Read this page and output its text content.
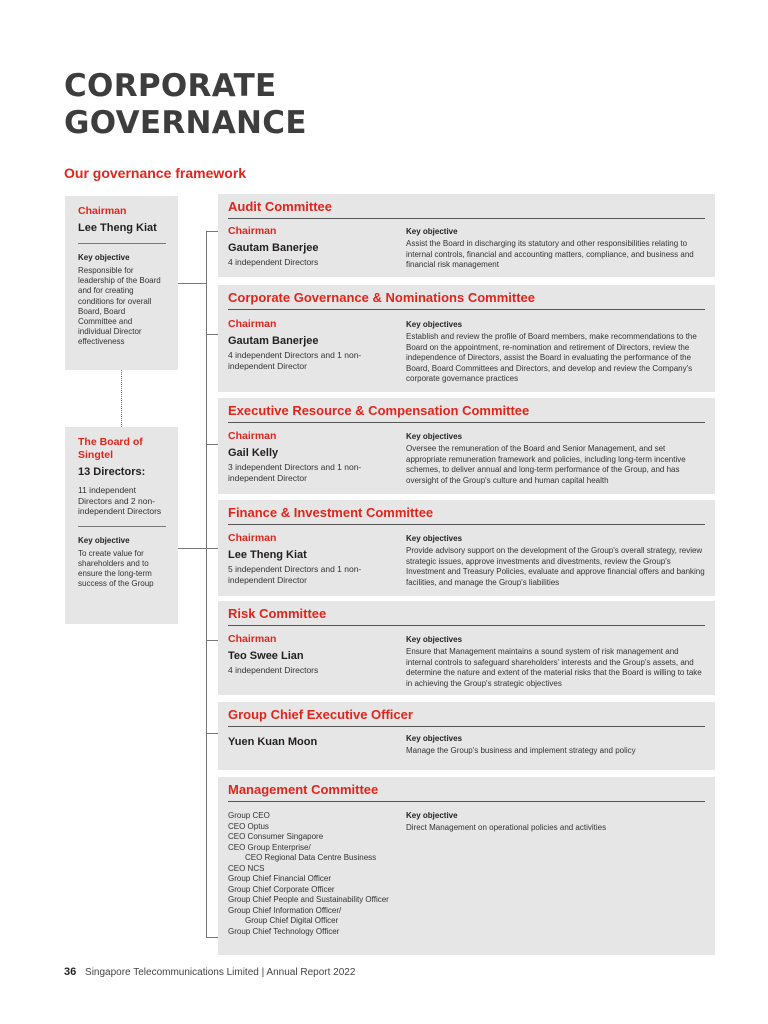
CORPORATE
GOVERNANCE
Our governance framework
Chairman
Lee Theng Kiat
Key objective
Responsible for leadership of the Board and for creating conditions for overall Board, Board Committee and individual Director effectiveness
The Board of Singtel
13 Directors:
11 independent Directors and 2 non-independent Directors
Key objective
To create value for shareholders and to ensure the long-term success of the Group
Audit Committee
Chairman
Gautam Banerjee
4 independent Directors
Key objective
Assist the Board in discharging its statutory and other responsibilities relating to internal controls, financial and accounting matters, compliance, and business and financial risk management
Corporate Governance & Nominations Committee
Chairman
Gautam Banerjee
4 independent Directors and 1 non-independent Director
Key objectives
Establish and review the profile of Board members, make recommendations to the Board on the appointment, re-nomination and retirement of Directors, review the independence of Directors, assist the Board in evaluating the performance of the Board, Board Committees and Directors, and develop and review the Company's corporate governance practices
Executive Resource & Compensation Committee
Chairman
Gail Kelly
3 independent Directors and 1 non-independent Director
Key objectives
Oversee the remuneration of the Board and Senior Management, and set appropriate remuneration framework and policies, including long-term incentive schemes, to deliver annual and long-term performance of the Group, and has oversight of the Group's culture and human capital health
Finance & Investment Committee
Chairman
Lee Theng Kiat
5 independent Directors and 1 non-independent Director
Key objectives
Provide advisory support on the development of the Group's overall strategy, review strategic issues, approve investments and divestments, review the Group's Investment and Treasury Policies, evaluate and approve financial offers and banking facilities, and manage the Group's liabilities
Risk Committee
Chairman
Teo Swee Lian
4 independent Directors
Key objectives
Ensure that Management maintains a sound system of risk management and internal controls to safeguard shareholders' interests and the Group's assets, and determine the nature and extent of the material risks that the Board is willing to take in achieving the Group's strategic objectives
Group Chief Executive Officer
Yuen Kuan Moon	Key objectives
Manage the Group's business and implement strategy and policy
Management Committee
Group CEO
CEO Optus
CEO Consumer Singapore
CEO Group Enterprise/
CEO Regional Data Centre Business
CEO NCS
Group Chief Financial Officer
Group Chief Corporate Officer
Group Chief People and Sustainability Officer
Group Chief Information Officer/
Group Chief Digital Officer
Group Chief Technology Officer
Key objective
Direct Management on operational policies and activities
36 Singapore Telecommunications Limited | Annual Report 2022
